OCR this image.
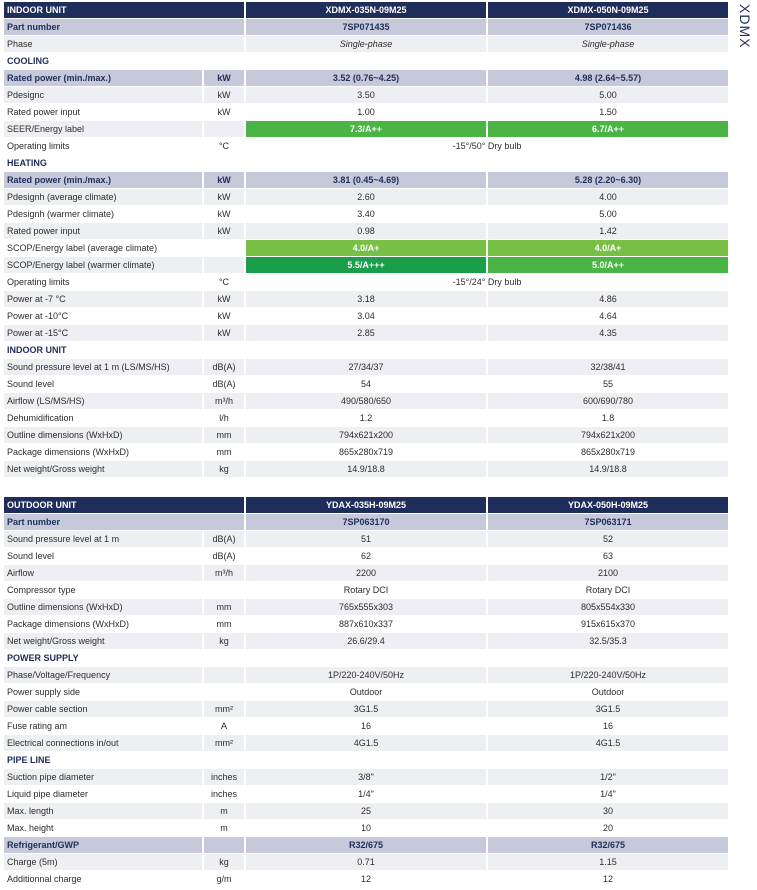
XDMX
INDOOR UNIT		XDMX-035N-09M25	XDMX-050N-09M25
Part number		7SP071435	7SP071436
Phase		Single-phase	Single-phase
COOLING			
Rated power (min./max.)	kW	3.52 (0.76~4.25)	4.98 (2.64~5.57)
Pdesignc	kW	3.50	5.00
Rated power input	kW	1.00	1.50
SEER/Energy label		7.3/A++	6.7/A++
Operating limits	°C	-15°/50° Dry bulb	
HEATING			
Rated power (min./max.)	kW	3.81 (0.45~4.69)	5.28 (2.20~6.30)
Pdesignh (average climate)	kW	2.60	4.00
Pdesignh (warmer climate)	kW	3.40	5.00
Rated power input	kW	0.98	1.42
SCOP/Energy label (average climate)		4.0/A+	4.0/A+
SCOP/Energy label (warmer climate)		5.5/A+++	5.0/A++
Operating limits	°C	-15°/24° Dry bulb	
Power at -7 °C	kW	3.18	4.86
Power at -10°C	kW	3.04	4.64
Power at -15°C	kW	2.85	4.35
INDOOR UNIT			
Sound pressure level at 1 m (LS/MS/HS)	dB(A)	27/34/37	32/38/41
Sound level	dB(A)	54	55
Airflow (LS/MS/HS)	m³/h	490/580/650	600/690/780
Dehumidification	l/h	1.2	1.8
Outline dimensions (WxHxD)	mm	794x621x200	794x621x200
Package dimensions (WxHxD)	mm	865x280x719	865x280x719
Net weight/Gross weight	kg	14.9/18.8	14.9/18.8
OUTDOOR UNIT		YDAX-035H-09M25	YDAX-050H-09M25
Part number		7SP063170	7SP063171
Sound pressure level at 1 m	dB(A)	51	52
Sound level	dB(A)	62	63
Airflow	m³/h	2200	2100
Compressor type		Rotary DCI	Rotary DCI
Outline dimensions (WxHxD)	mm	765x555x303	805x554x330
Package dimensions (WxHxD)	mm	887x610x337	915x615x370
Net weight/Gross weight	kg	26.6/29.4	32.5/35.3
POWER SUPPLY			
Phase/Voltage/Frequency		1P/220-240V/50Hz	1P/220-240V/50Hz
Power supply side		Outdoor	Outdoor
Power cable section	mm²	3G1.5	3G1.5
Fuse rating am	A	16	16
Electrical connections in/out	mm²	4G1.5	4G1.5
PIPE LINE			
Suction pipe diameter	inches	3/8"	1/2"
Liquid pipe diameter	inches	1/4"	1/4"
Max. length	m	25	30
Max. height	m	10	20
Refrigerant/GWP		R32/675	R32/675
Charge (5m)	kg	0.71	1.15
Additionnal charge	g/m	12	12
